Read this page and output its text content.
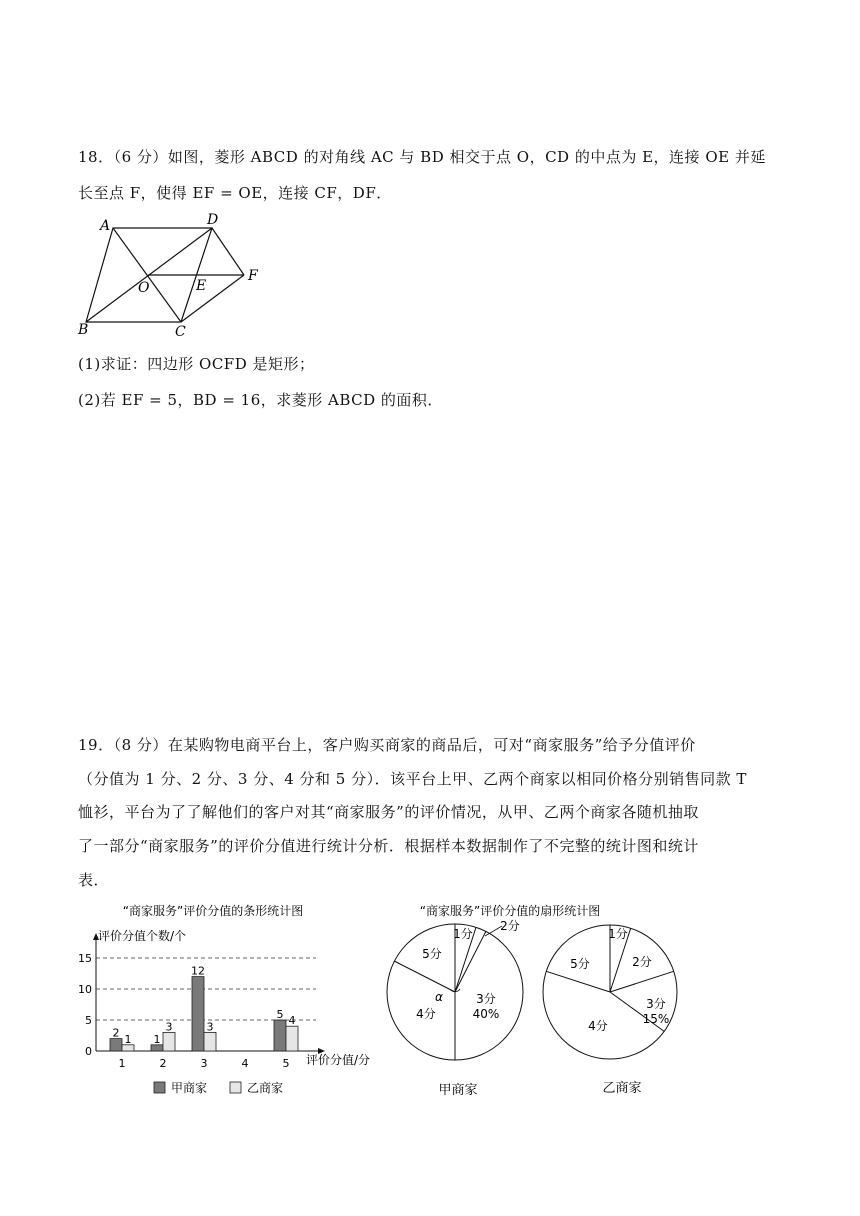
18．（6 分）如图，菱形 ABCD 的对角线 AC 与 BD 相交于点 O，CD 的中点为 E，连接 OE 并延
长至点 F，使得 EF = OE，连接 CF，DF．
A
B	C
D
O	E
F
(1)求证：四边形 OCFD 是矩形；
(2)若 EF = 5，BD = 16，求菱形 ABCD 的面积．
19．（8 分）在某购物电商平台上，客户购买商家的商品后，可对“商家服务”给予分值评价
（分值为 1 分、2 分、3 分、4 分和 5 分）．该平台上甲、乙两个商家以相同价格分别销售同款 T
恤衫，平台为了了解他们的客户对其“商家服务”的评价情况，从甲、乙两个商家各随机抽取
了一部分“商家服务”的评价分值进行统计分析．根据样本数据制作了不完整的统计图和统计
表．
“商家服务”评价分值的条形统计图
评价分值个数/个
评价分值/分
0
5
10
15
1
2 1
2
1
3
3
12
3
4	5
5 4
甲商家	乙商家
“商家服务”评价分值的扇形统计图
1分
2分
3分
40%
4分
5分
α
1分
2分
3分
15%
4分
5分
甲商家	乙商家
